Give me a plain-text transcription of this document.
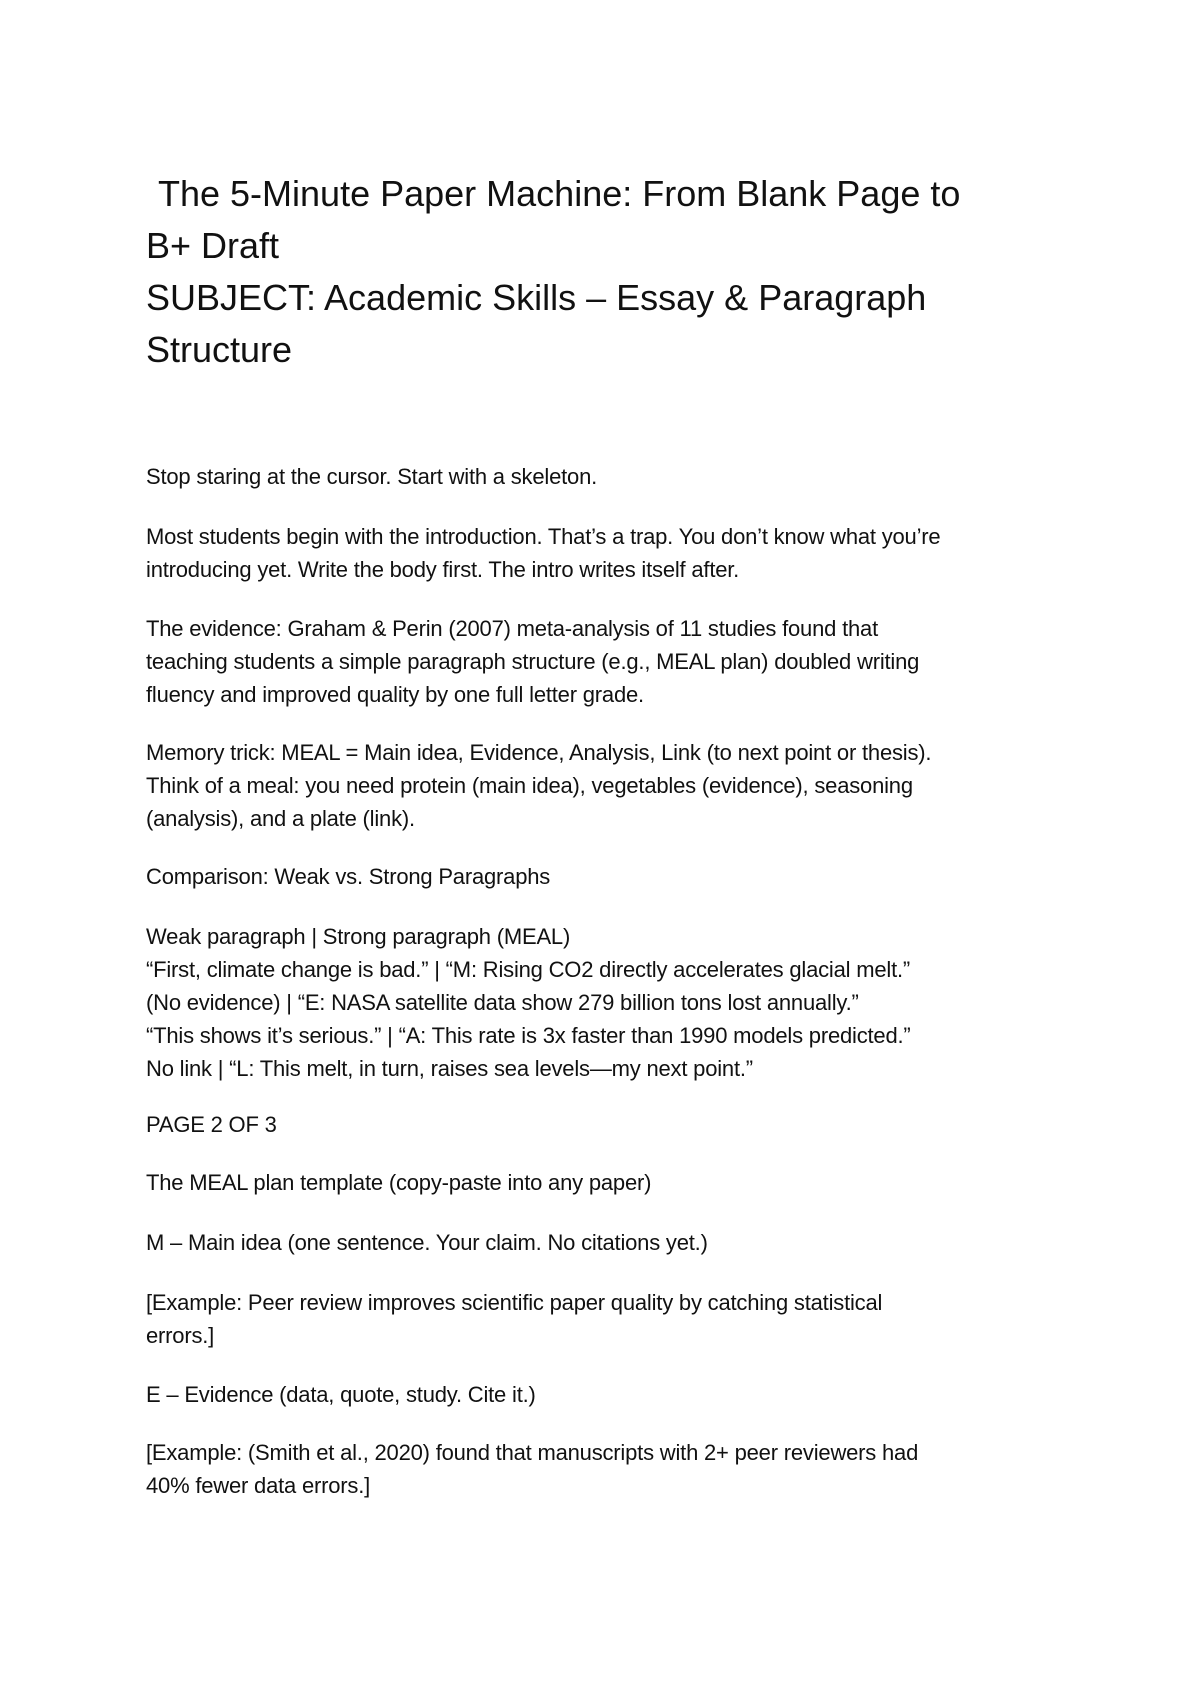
The 5-Minute Paper Machine: From Blank Page to
B+ Draft
SUBJECT: Academic Skills – Essay & Paragraph
Structure

Stop staring at the cursor. Start with a skeleton.

Most students begin with the introduction. That’s a trap. You don’t know what you’re
introducing yet. Write the body first. The intro writes itself after.

The evidence: Graham & Perin (2007) meta-analysis of 11 studies found that
teaching students a simple paragraph structure (e.g., MEAL plan) doubled writing
fluency and improved quality by one full letter grade.

Memory trick: MEAL = Main idea, Evidence, Analysis, Link (to next point or thesis).
Think of a meal: you need protein (main idea), vegetables (evidence), seasoning
(analysis), and a plate (link).

Comparison: Weak vs. Strong Paragraphs

Weak paragraph | Strong paragraph (MEAL)
“First, climate change is bad.” | “M: Rising CO2 directly accelerates glacial melt.”
(No evidence) | “E: NASA satellite data show 279 billion tons lost annually.”
“This shows it’s serious.” | “A: This rate is 3x faster than 1990 models predicted.”
No link | “L: This melt, in turn, raises sea levels—my next point.”

PAGE 2 OF 3

The MEAL plan template (copy-paste into any paper)

M – Main idea (one sentence. Your claim. No citations yet.)

[Example: Peer review improves scientific paper quality by catching statistical
errors.]

E – Evidence (data, quote, study. Cite it.)

[Example: (Smith et al., 2020) found that manuscripts with 2+ peer reviewers had
40% fewer data errors.]
